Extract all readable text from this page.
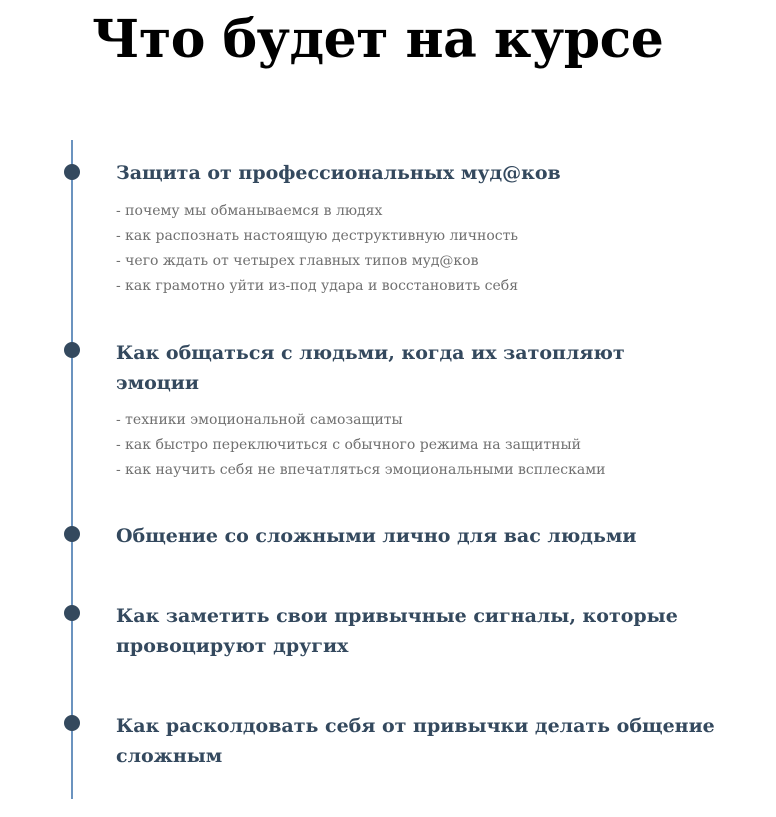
Что будет на курсе
Защита от профессиональных муд@ков
- почему мы обманываемся в людях
- как распознать настоящую деструктивную личность
- чего ждать от четырех главных типов муд@ков
- как грамотно уйти из-под удара и восстановить себя
Как общаться с людьми, когда их затопляют эмоции
- техники эмоциональной самозащиты
- как быстро переключиться с обычного режима на защитный
- как научить себя не впечатляться эмоциональными всплесками
Общение со сложными лично для вас людьми
Как заметить свои привычные сигналы, которые провоцируют других
Как расколдовать себя от привычки делать общение сложным
